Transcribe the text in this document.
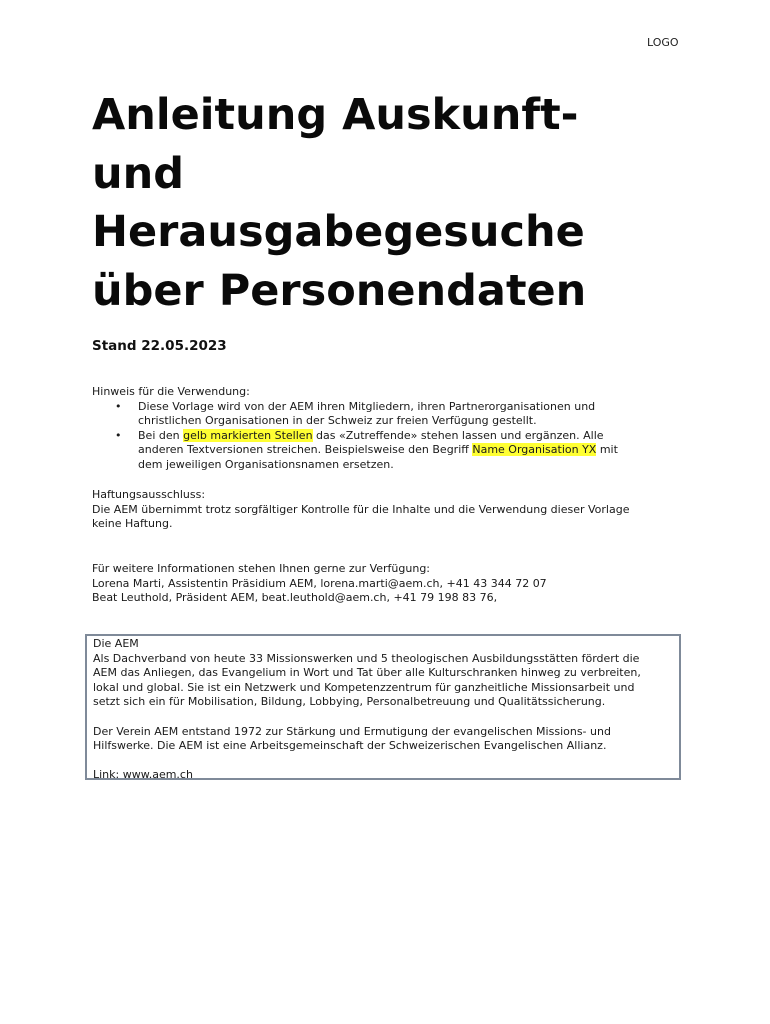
LOGO
Anleitung Auskunft-
und
Herausgabegesuche
über Personendaten
Stand 22.05.2023
Hinweis für die Verwendung:
• Diese Vorlage wird von der AEM ihren Mitgliedern, ihren Partnerorganisationen und
christlichen Organisationen in der Schweiz zur freien Verfügung gestellt.
• Bei den gelb markierten Stellen das «Zutreffende» stehen lassen und ergänzen. Alle
anderen Textversionen streichen. Beispielsweise den Begriff Name Organisation YX mit
dem jeweiligen Organisationsnamen ersetzen.
Haftungsausschluss:
Die AEM übernimmt trotz sorgfältiger Kontrolle für die Inhalte und die Verwendung dieser Vorlage
keine Haftung.
Für weitere Informationen stehen Ihnen gerne zur Verfügung:
Lorena Marti, Assistentin Präsidium AEM, lorena.marti@aem.ch, +41 43 344 72 07
Beat Leuthold, Präsident AEM, beat.leuthold@aem.ch, +41 79 198 83 76,
Die AEM
Als Dachverband von heute 33 Missionswerken und 5 theologischen Ausbildungsstätten fördert die
AEM das Anliegen, das Evangelium in Wort und Tat über alle Kulturschranken hinweg zu verbreiten,
lokal und global. Sie ist ein Netzwerk und Kompetenzzentrum für ganzheitliche Missionsarbeit und
setzt sich ein für Mobilisation, Bildung, Lobbying, Personalbetreuung und Qualitätssicherung.
Der Verein AEM entstand 1972 zur Stärkung und Ermutigung der evangelischen Missions- und
Hilfswerke. Die AEM ist eine Arbeitsgemeinschaft der Schweizerischen Evangelischen Allianz.
Link: www.aem.ch
